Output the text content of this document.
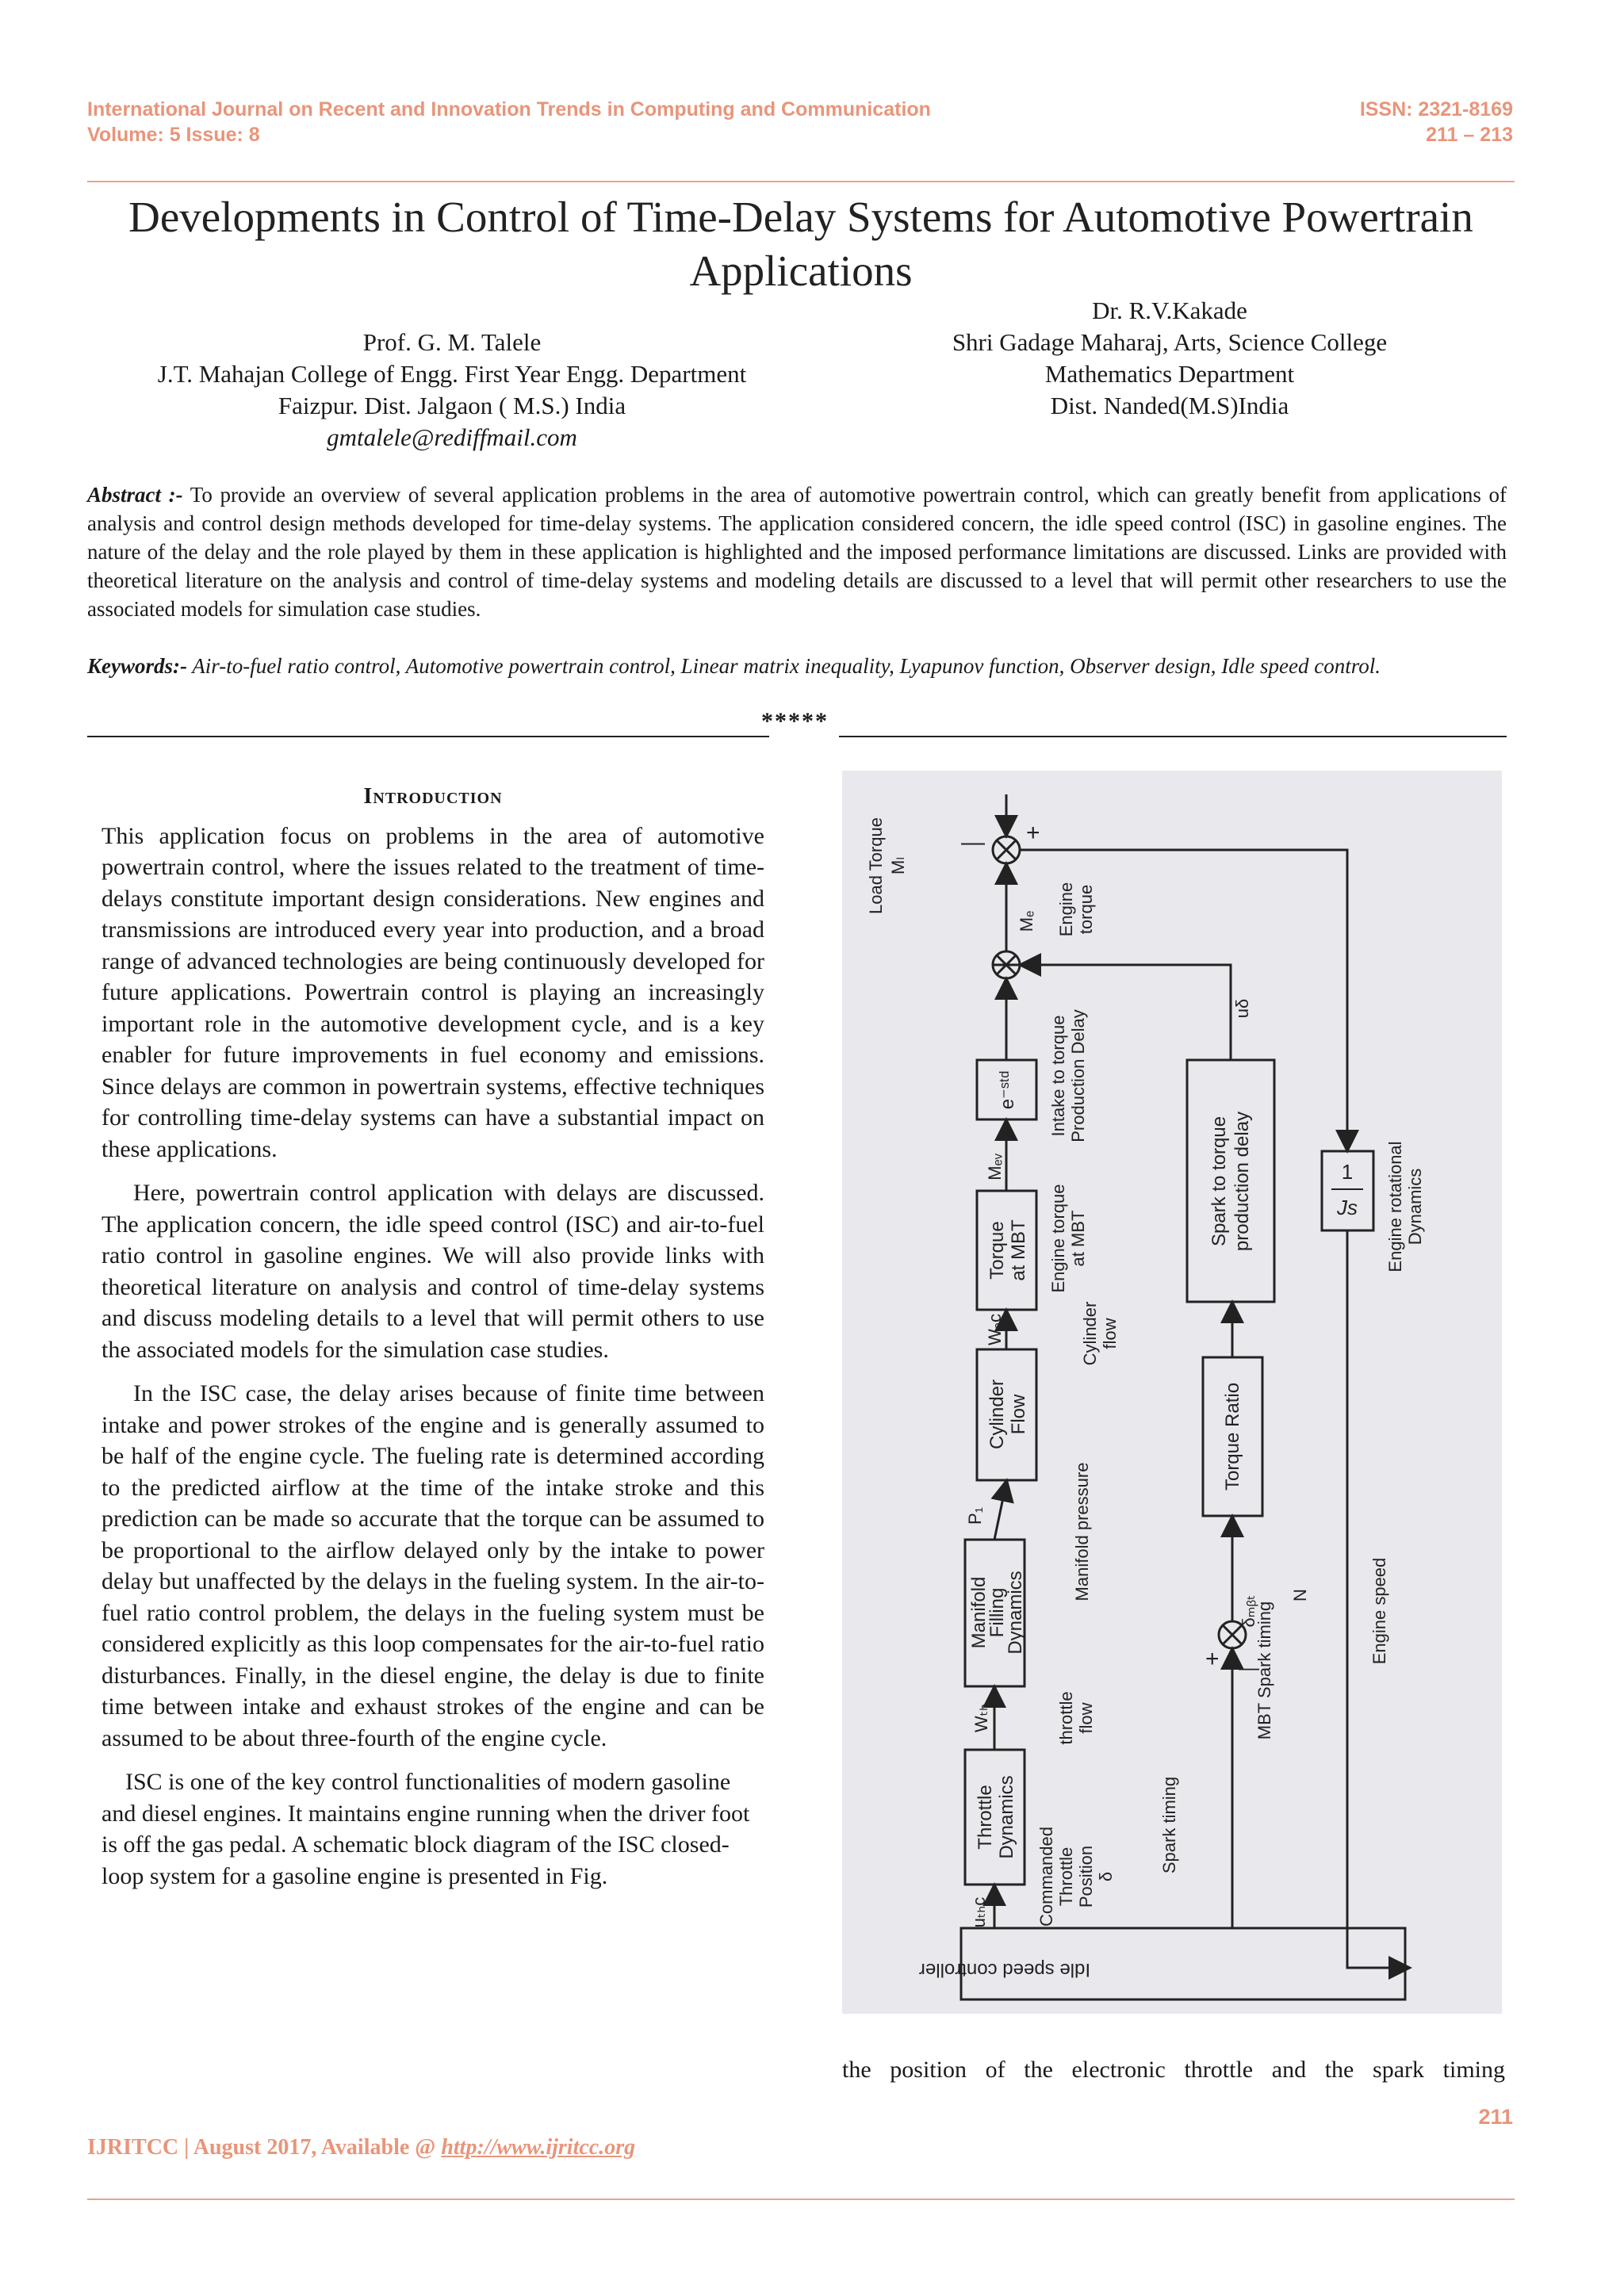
International Journal on Recent and Innovation Trends in Computing and Communication
Volume: 5 Issue: 8
ISSN: 2321-8169
211 – 213
Developments in Control of Time-Delay Systems for Automotive Powertrain Applications
Prof. G. M. Talele
J.T. Mahajan College of Engg. First Year Engg. Department
Faizpur. Dist. Jalgaon ( M.S.) India
gmtalele@rediffmail.com
Dr. R.V.Kakade
Shri Gadage Maharaj, Arts, Science College
Mathematics Department
Dist. Nanded(M.S)India
Abstract :- To provide an overview of several application problems in the area of automotive powertrain control, which can greatly benefit from applications of analysis and control design methods developed for time-delay systems. The application considered concern, the idle speed control (ISC) in gasoline engines. The nature of the delay and the role played by them in these application is highlighted and the imposed performance limitations are discussed. Links are provided with theoretical literature on the analysis and control of time-delay systems and modeling details are discussed to a level that will permit other researchers to use the associated models for simulation case studies.
Keywords:- Air-to-fuel ratio control, Automotive powertrain control, Linear matrix inequality, Lyapunov function, Observer design, Idle speed control.
*****
Introduction

This application focus on problems in the area of automotive powertrain control, where the issues related to the treatment of time-delays constitute important design considerations. New engines and transmissions are introduced every year into production, and a broad range of advanced technologies are being continuously developed for future applications. Powertrain control is playing an increasingly important role in the automotive development cycle, and is a key enabler for future improvements in fuel economy and emissions. Since delays are common in powertrain systems, effective techniques for controlling time-delay systems can have a substantial impact on these applications.

Here, powertrain control application with delays are discussed. The application concern, the idle speed control (ISC) and air-to-fuel ratio control in gasoline engines. We will also provide links with theoretical literature on analysis and control of time-delay systems and discuss modeling details to a level that will permit others to use the associated models for the simulation case studies.

In the ISC case, the delay arises because of finite time between intake and power strokes of the engine and is generally assumed to be half of the engine cycle. The fueling rate is determined according to the predicted airflow at the time of the intake stroke and this prediction can be made so accurate that the torque can be assumed to be proportional to the airflow delayed only by the intake to power delay but unaffected by the delays in the fueling system. In the air-to-fuel ratio control problem, the delays in the fueling system must be considered explicitly as this loop compensates for the air-to-fuel ratio disturbances. Finally, in the diesel engine, the delay is due to finite time between intake and exhaust strokes of the engine and can be assumed to be about three-fourth of the engine cycle.

ISC is one of the key control functionalities of modern gasoline and diesel engines. It maintains engine running when the driver foot is off the gas pedal. A schematic block diagram of the ISC closed-loop system for a gasoline engine is presented in Fig.

Idle speed controller
Throttle Dynamics
Manifold
Filling
Dynamics
Cylinder Flow
Torque at MBT
e⁻ˢᵗᵈ
Torque Ratio
Spark to torque production delay	1
Js
Load Torque Mₗ
— +
Engine torque
Mₑ
Intake to torque Production Delay
Engine torque at MBT
Mₑᵥ
Cylinder flow
Wₐc
Manifold pressure
P₁
throttle flow
Wₜₕ
Commanded Throttle Position δ
uₜₕc
Spark timing
MBT Spark timing
δₘᵦₜ
+ —
N	Engine speed
Engine rotational Dynamics
uδ
the position of the electronic throttle and the spark timing
211
IJRITCC | August 2017, Available @ http://www.ijritcc.org
